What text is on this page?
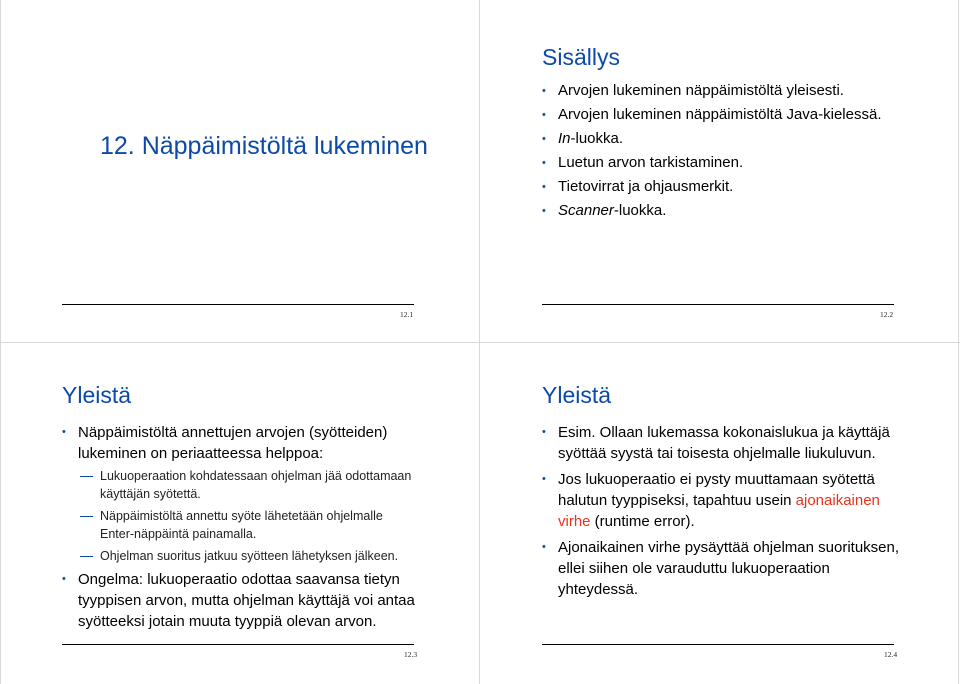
12. Näppäimistöltä lukeminen
12.1
Sisällys
• Arvojen lukeminen näppäimistöltä yleisesti.
• Arvojen lukeminen näppäimistöltä Java-kielessä.
• In-luokka.
• Luetun arvon tarkistaminen.
• Tietovirrat ja ohjausmerkit.
• Scanner-luokka.
12.2
Yleistä
• Näppäimistöltä annettujen arvojen (syötteiden)
lukeminen on periaatteessa helppoa:
Lukuoperaation kohdatessaan ohjelman jää odottamaan
käyttäjän syötettä.
Näppäimistöltä annettu syöte lähetetään ohjelmalle
Enter-näppäintä painamalla.
Ohjelman suoritus jatkuu syötteen lähetyksen jälkeen.
• Ongelma: lukuoperaatio odottaa saavansa tietyn
tyyppisen arvon, mutta ohjelman käyttäjä voi antaa
syötteeksi jotain muuta tyyppiä olevan arvon.
12.3
Yleistä
• Esim. Ollaan lukemassa kokonaislukua ja käyttäjä
syöttää syystä tai toisesta ohjelmalle liukuluvun.
• Jos lukuoperaatio ei pysty muuttamaan syötettä
halutun tyyppiseksi, tapahtuu usein ajonaikainen
virhe (runtime error).
• Ajonaikainen virhe pysäyttää ohjelman suorituksen,
ellei siihen ole varauduttu lukuoperaation
yhteydessä.
12.4
